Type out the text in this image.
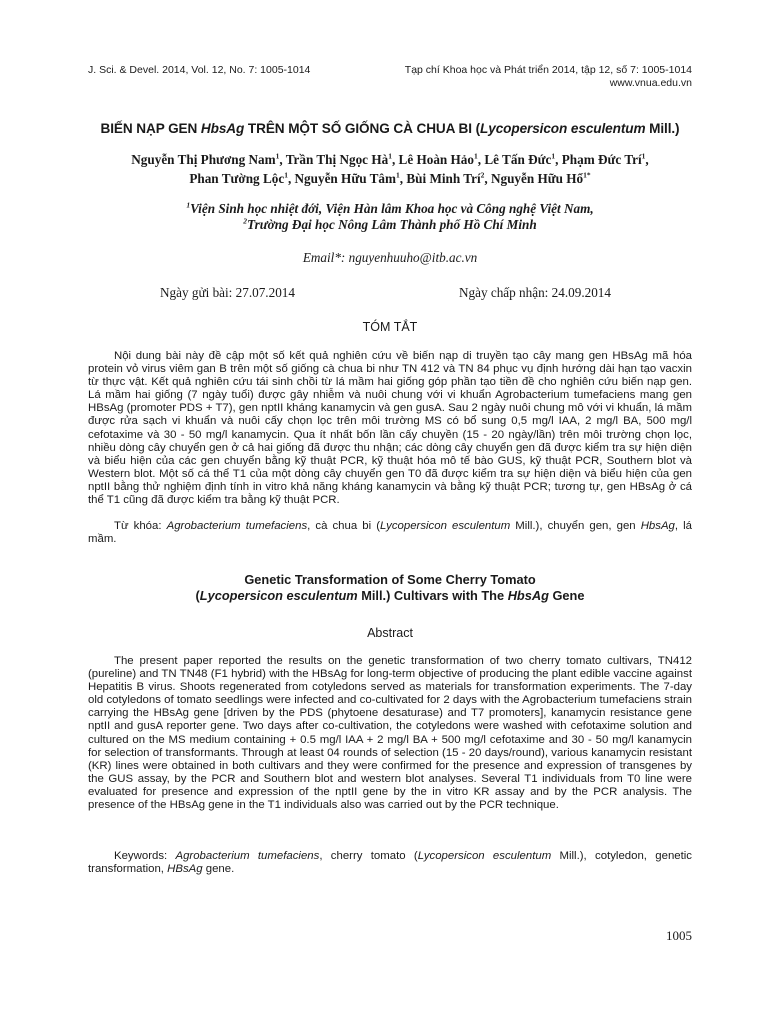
J. Sci. & Devel. 2014, Vol. 12, No. 7: 1005-1014	Tạp chí Khoa học và Phát triển 2014, tập 12, số 7: 1005-1014
www.vnua.edu.vn
BIẾN NẠP GEN HbsAg TRÊN MỘT SỐ GIỐNG CÀ CHUA BI (Lycopersicon esculentum Mill.)
Nguyễn Thị Phương Nam$^1$, Trần Thị Ngọc $Hà^1$, Lê Hoàn Hảo$^1$, Lê Tấn Đức$^1$, Phạm Đức Trí$^1$,
Phan Tường Lộc$^1$, Nguyễn Hữu Tâm$^1$, Bùi Minh Trí$^2$, Nguyễn Hữu Hổ$^{1*}$
$^1$Viện Sinh học nhiệt đới, Viện Hàn lâm Khoa học và Công nghệ Việt Nam,
$^2$Trường Đại học Nông Lâm Thành phố Hồ Chí Minh
Email*: nguyenhuuho@itb.ac.vn
Ngày gửi bài: 27.07.2014	Ngày chấp nhận: 24.09.2014
TÓM TẮT
Nội dung bài này đề cập một số kết quả nghiên cứu về biến nạp di truyền tạo cây mang gen HBsAg mã hóa protein vỏ virus viêm gan B trên một số giống cà chua bi như TN 412 và TN 84 phục vụ định hướng dài hạn tạo vacxin từ thực vật. Kết quả nghiên cứu tái sinh chồi từ lá mầm hai giống góp phần tạo tiền đề cho nghiên cứu biến nạp gen. Lá mầm hai giống (7 ngày tuổi) được gây nhiễm và nuôi chung với vi khuẩn Agrobacterium tumefaciens mang gen HBsAg (promoter PDS + T7), gen nptII kháng kanamycin và gen gusA. Sau 2 ngày nuôi chung mô với vi khuẩn, lá mầm được rửa sạch vi khuẩn và nuôi cấy chọn lọc trên môi trường MS có bổ sung 0,5 mg/l IAA, 2 mg/l BA, 500 mg/l cefotaxime và 30 - 50 mg/l kanamycin. Qua ít nhất bốn lần cấy chuyền (15 - 20 ngày/lần) trên môi trường chọn lọc, nhiều dòng cây chuyển gen ở cả hai giống đã được thu nhận; các dòng cây chuyển gen đã được kiểm tra sự hiện diện và biểu hiện của các gen chuyển bằng kỹ thuật PCR, kỹ thuật hóa mô tế bào GUS, kỹ thuật PCR, Southern blot và Western blot. Một số cá thể T1 của một dòng cây chuyển gen T0 đã được kiểm tra sự hiện diện và biểu hiện của gen nptII bằng thử nghiệm định tính in vitro khả năng kháng kanamycin và bằng kỹ thuật PCR; tương tự, gen HBsAg ở cá thể T1 cũng đã được kiểm tra bằng kỹ thuật PCR.
Từ khóa: Agrobacterium tumefaciens, cà chua bi (Lycopersicon esculentum Mill.), chuyển gen, gen HbsAg, lá mầm.
Genetic Transformation of Some Cherry Tomato
(Lycopersicon esculentum Mill.) Cultivars with The HbsAg Gene
Abstract
The present paper reported the results on the genetic transformation of two cherry tomato cultivars, TN412 (pureline) and TN TN48 (F1 hybrid) with the HBsAg for long-term objective of producing the plant edible vaccine against Hepatitis B virus. Shoots regenerated from cotyledons served as materials for transformation experiments. The 7-day old cotyledons of tomato seedlings were infected and co-cultivated for 2 days with the Agrobacterium tumefaciens strain carrying the HBsAg gene [driven by the PDS (phytoene desaturase) and T7 promoters], kanamycin resistance gene nptII and gusA reporter gene. Two days after co-cultivation, the cotyledons were washed with cefotaxime solution and cultured on the MS medium containing + 0.5 mg/l IAA + 2 mg/l BA + 500 mg/l cefotaxime and 30 - 50 mg/l kanamycin for selection of transformants. Through at least 04 rounds of selection (15 - 20 days/round), various kanamycin resistant (KR) lines were obtained in both cultivars and they were confirmed for the presence and expression of transgenes by the GUS assay, by the PCR and Southern blot and western blot analyses. Several T1 individuals from T0 line were evaluated for presence and expression of the nptII gene by the in vitro KR assay and by the PCR analysis. The presence of the HBsAg gene in the T1 individuals also was carried out by the PCR technique.
Keywords: Agrobacterium tumefaciens, cherry tomato (Lycopersicon esculentum Mill.), cotyledon, genetic transformation, HBsAg gene.
1005
